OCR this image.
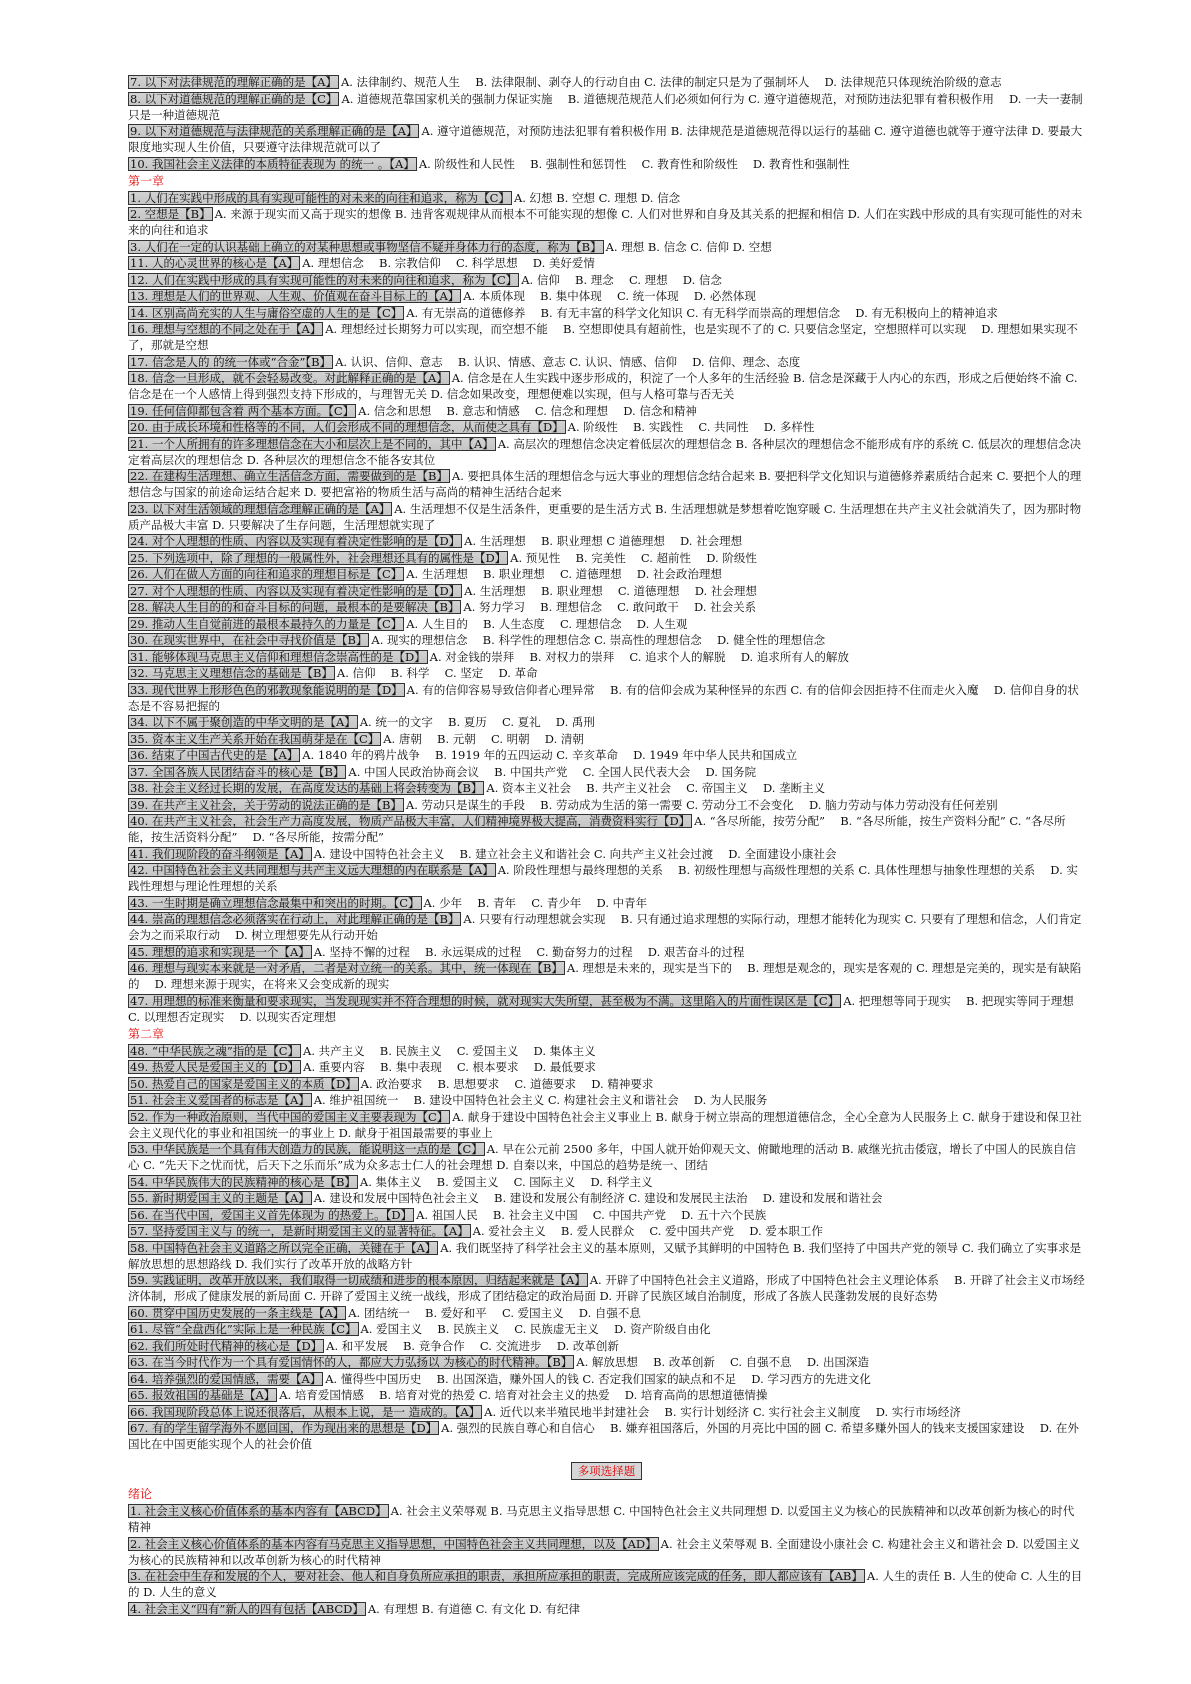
7. 以下对法律规范的理解正确的是【A】 A. 法律制约、规范人生　 B. 法律限制、剥夺人的行动自由 C. 法律的制定只是为了强制坏人　 D. 法律规范只体现统治阶级的意志
8. 以下对道德规范的理解正确的是【C】 A. 道德规范靠国家机关的强制力保证实施　 B. 道德规范规范人们必须如何行为 C. 遵守道德规范，对预防违法犯罪有着积极作用　 D. 一夫一妻制只是一种道德规范
9. 以下对道德规范与法律规范的关系理解正确的是【A】 A. 遵守道德规范，对预防违法犯罪有着积极作用 B. 法律规范是道德规范得以运行的基础 C. 遵守道德也就等于遵守法律 D. 要最大限度地实现人生价值，只要遵守法律规范就可以了
10. 我国社会主义法律的本质特征表现为 的统一 。【A】 A. 阶级性和人民性　 B. 强制性和惩罚性　 C. 教育性和阶级性　 D. 教育性和强制性
第一章
1. 人们在实践中形成的具有实现可能性的对未来的向往和追求，称为【C】 A. 幻想 B. 空想 C. 理想 D. 信念
2. 空想是【B】 A. 来源于现实而又高于现实的想像 B. 违背客观规律从而根本不可能实现的想像 C. 人们对世界和自身及其关系的把握和相信 D. 人们在实践中形成的具有实现可能性的对未来的向往和追求
3. 人们在一定的认识基础上确立的对某种思想或事物坚信不疑并身体力行的态度，称为【B】 A. 理想 B. 信念 C. 信仰 D. 空想
11. 人的心灵世界的核心是【A】 A. 理想信念　 B. 宗教信仰　 C. 科学思想　 D. 美好爱情
12. 人们在实践中形成的具有实现可能性的对未来的向往和追求，称为【C】 A. 信仰　 B. 理念　 C. 理想　 D. 信念
13. 理想是人们的世界观、人生观、价值观在奋斗目标上的【A】 A. 本质体现　 B. 集中体现　 C. 统一体现　 D. 必然体现
14. 区别高尚充实的人生与庸俗空虚的人生的是【C】 A. 有无崇高的道德修养　 B. 有无丰富的科学文化知识 C. 有无科学而崇高的理想信念　 D. 有无积极向上的精神追求
16. 理想与空想的不同之处在于【A】 A. 理想经过长期努力可以实现，而空想不能　 B. 空想即使具有超前性，也是实现不了的 C. 只要信念坚定，空想照样可以实现　 D. 理想如果实现不了，那就是空想
17. 信念是人的 的统一体或“合金”【B】 A. 认识、信仰、意志　 B. 认识、情感、意志 C. 认识、情感、信仰　 D. 信仰、理念、态度
18. 信念一旦形成，就不会轻易改变。对此解释正确的是【A】 A. 信念是在人生实践中逐步形成的，积淀了一个人多年的生活经验 B. 信念是深藏于人内心的东西，形成之后便始终不渝 C. 信念是在一个人感情上得到强烈支持下形成的，与理智无关 D. 信念如果改变，理想便难以实现，但与人格可靠与否无关
19. 任何信仰都包含着 两个基本方面。【C】 A. 信念和思想　 B. 意志和情感　 C. 信念和理想　 D. 信念和精神
20. 由于成长环境和性格等的不同，人们会形成不同的理想信念，从而使之具有【D】 A. 阶级性　 B. 实践性　 C. 共同性　 D. 多样性
21. 一个人所拥有的许多理想信念在大小和层次上是不同的，其中【A】 A. 高层次的理想信念决定着低层次的理想信念 B. 各种层次的理想信念不能形成有序的系统 C. 低层次的理想信念决定着高层次的理想信念 D. 各种层次的理想信念不能各安其位
22. 在建构生活理想、确立生活信念方面，需要做到的是【B】 A. 要把具体生活的理想信念与远大事业的理想信念结合起来 B. 要把科学文化知识与道德修养素质结合起来 C. 要把个人的理想信念与国家的前途命运结合起来 D. 要把富裕的物质生活与高尚的精神生活结合起来
23. 以下对生活领域的理想信念理解正确的是【A】 A. 生活理想不仅是生活条件，更重要的是生活方式 B. 生活理想就是梦想着吃饱穿暖 C. 生活理想在共产主义社会就消失了，因为那时物质产品极大丰富 D. 只要解决了生存问题，生活理想就实现了
24. 对个人理想的性质、内容以及实现有着决定性影响的是【D】 A. 生活理想　 B. 职业理想 C 道德理想　 D. 社会理想
25. 下列选项中，除了理想的一般属性外，社会理想还具有的属性是【D】 A. 预见性　 B. 完美性　 C. 超前性　 D. 阶级性
26. 人们在做人方面的向往和追求的理想目标是【C】 A. 生活理想　 B. 职业理想　 C. 道德理想　 D. 社会政治理想
27. 对个人理想的性质、内容以及实现有着决定性影响的是【D】 A. 生活理想　 B. 职业理想　 C. 道德理想　 D. 社会理想
28. 解决人生目的的和奋斗目标的问题，最根本的是要解决【B】 A. 努力学习　 B. 理想信念　 C. 敢问敢干　 D. 社会关系
29. 推动人生自觉前进的最根本最持久的力量是【C】 A. 人生目的　 B. 人生态度　 C. 理想信念　 D. 人生观
30. 在现实世界中，在社会中寻找价值是【B】 A. 现实的理想信念　 B. 科学性的理想信念 C. 崇高性的理想信念　 D. 健全性的理想信念
31. 能够体现马克思主义信仰和理想信念崇高性的是【D】 A. 对金钱的崇拜　 B. 对权力的崇拜　 C. 追求个人的解脱　 D. 追求所有人的解放
32. 马克思主义理想信念的基础是【B】 A. 信仰　 B. 科学　 C. 坚定　 D. 革命
33. 现代世界上形形色色的邪教现象能说明的是【D】 A. 有的信仰容易导致信仰者心理异常　 B. 有的信仰会成为某种怪异的东西 C. 有的信仰会因拒持不住而走火入魔　 D. 信仰自身的状态是不容易把握的
34. 以下不属于聚创造的中华文明的是【A】 A. 统一的文字　 B. 夏历　 C. 夏礼　 D. 禹刑
35. 资本主义生产关系开始在我国萌芽是在【C】 A. 唐朝　 B. 元朝　 C. 明朝　 D. 清朝
36. 结束了中国古代史的是【A】 A. 1840 年的鸦片战争　 B. 1919 年的五四运动 C. 辛亥革命　 D. 1949 年中华人民共和国成立
37. 全国各族人民团结奋斗的核心是【B】 A. 中国人民政治协商会议　 B. 中国共产党　 C. 全国人民代表大会　 D. 国务院
38. 社会主义经过长期的发展，在高度发达的基础上将会转变为【B】 A. 资本主义社会　 B. 共产主义社会　 C. 帝国主义　 D. 垄断主义
39. 在共产主义社会，关于劳动的说法正确的是【B】 A. 劳动只是谋生的手段　 B. 劳动成为生活的第一需要 C. 劳动分工不会变化　 D. 脑力劳动与体力劳动没有任何差别
40. 在共产主义社会，社会生产力高度发展，物质产品极大丰富，人们精神境界极大提高，消费资料实行【D】 A. “各尽所能，按劳分配”　 B. “各尽所能，按生产资料分配” C. “各尽所能，按生活资料分配”　 D. “各尽所能，按需分配”
41. 我们现阶段的奋斗纲领是【A】 A. 建设中国特色社会主义　 B. 建立社会主义和谐社会 C. 向共产主义社会过渡　 D. 全面建设小康社会
42. 中国特色社会主义共同理想与共产主义远大理想的内在联系是【A】 A. 阶段性理想与最终理想的关系　 B. 初级性理想与高级性理想的关系 C. 具体性理想与抽象性理想的关系　 D. 实践性理想与理论性理想的关系
43. 一生时期是确立理想信念最集中和突出的时期。【C】 A. 少年　 B. 青年　 C. 青少年　 D. 中青年
44. 崇高的理想信念必须落实在行动上，对此理解正确的是【B】 A. 只要有行动理想就会实现　 B. 只有通过追求理想的实际行动，理想才能转化为现实 C. 只要有了理想和信念，人们肯定会为之而采取行动　 D. 树立理想要先从行动开始
45. 理想的追求和实现是一个【A】 A. 坚持不懈的过程　 B. 永远渠成的过程　 C. 勤奋努力的过程　 D. 艰苦奋斗的过程
46. 理想与现实本来就是一对矛盾，二者是对立统一的关系。其中，统一体现在【B】 A. 理想是未来的，现实是当下的　 B. 理想是观念的，现实是客观的 C. 理想是完美的，现实是有缺陷的　 D. 理想来源于现实，在将来又会变成新的现实
47. 用理想的标准来衡量和要求现实，当发现现实并不符合理想的时候，就对现实大失所望，甚至极为不满。这里陷入的片面性误区是【C】 A. 把理想等同于现实　 B. 把现实等同于理想　 C. 以理想否定现实　 D. 以现实否定理想
第二章
48. “中华民族之魂”指的是【C】 A. 共产主义　 B. 民族主义　 C. 爱国主义　 D. 集体主义
49. 热爱人民是爱国主义的【D】 A. 重要内容　 B. 集中表现　 C. 根本要求　 D. 最低要求
50. 热爱自己的国家是爱国主义的本质【D】 A. 政治要求　 B. 思想要求　 C. 道德要求　 D. 精神要求
51. 社会主义爱国者的标志是【A】 A. 维护祖国统一　 B. 建设中国特色社会主义 C. 构建社会主义和谐社会　 D. 为人民服务
52. 作为一种政治原则，当代中国的爱国主义主要表现为【C】 A. 献身于建设中国特色社会主义事业上 B. 献身于树立崇高的理想道德信念，全心全意为人民服务上 C. 献身于建设和保卫社会主义现代化的事业和祖国统一的事业上 D. 献身于祖国最需要的事业上
53. 中华民族是一个具有伟大创造力的民族，能说明这一点的是【C】 A. 早在公元前 2500 多年，中国人就开始仰观天文、俯瞰地理的活动 B. 戚继光抗击倭寇，增长了中国人的民族自信心 C. “先天下之忧而忧，后天下之乐而乐”成为众多志士仁人的社会理想 D. 自秦以来，中国总的趋势是统一、团结
54. 中华民族伟大的民族精神的核心是【B】 A. 集体主义　 B. 爱国主义　 C. 国际主义　 D. 科学主义
55. 新时期爱国主义的主题是【A】 A. 建设和发展中国特色社会主义　 B. 建设和发展公有制经济 C. 建设和发展民主法治　 D. 建设和发展和谐社会
56. 在当代中国，爱国主义首先体现为 的热爱上。【D】 A. 祖国人民　 B. 社会主义中国　 C. 中国共产党　 D. 五十六个民族
57. 坚持爱国主义与 的统一，是新时期爱国主义的显著特征。【A】 A. 爱社会主义　 B. 爱人民群众　 C. 爱中国共产党　 D. 爱本职工作
58. 中国特色社会主义道路之所以完全正确，关键在于【A】 A. 我们既坚持了科学社会主义的基本原则，又赋予其鲜明的中国特色 B. 我们坚持了中国共产党的领导 C. 我们确立了实事求是解放思想的思想路线 D. 我们实行了改革开放的战略方针
59. 实践证明，改革开放以来，我们取得一切成绩和进步的根本原因，归结起来就是【A】 A. 开辟了中国特色社会主义道路，形成了中国特色社会主义理论体系　 B. 开辟了社会主义市场经济体制，形成了健康发展的新局面 C. 开辟了爱国主义统一战线，形成了团结稳定的政治局面 D. 开辟了民族区域自治制度，形成了各族人民蓬勃发展的良好态势
60. 贯穿中国历史发展的一条主线是【A】 A. 团结统一　 B. 爱好和平　 C. 爱国主义　 D. 自强不息
61. 尽管“全盘西化”实际上是一种民族【C】 A. 爱国主义　 B. 民族主义　 C. 民族虚无主义　 D. 资产阶级自由化
62. 我们所处时代精神的核心是【D】 A. 和平发展　 B. 竞争合作　 C. 交流进步　 D. 改革创新
63. 在当今时代作为一个具有爱国情怀的人，都应大力弘扬以 为核心的时代精神。【B】 A. 解放思想　 B. 改革创新　 C. 自强不息　 D. 出国深造
64. 培养强烈的爱国情感，需要【A】 A. 懂得些中国历史　 B. 出国深造，赚外国人的钱 C. 否定我们国家的缺点和不足　 D. 学习西方的先进文化
65. 报效祖国的基础是【A】 A. 培育爱国情感　 B. 培育对党的热爱 C. 培育对社会主义的热爱　 D. 培育高尚的思想道德情操
66. 我国现阶段总体上说还很落后，从根本上说，是一 造成的。【A】 A. 近代以来半殖民地半封建社会　 B. 实行计划经济 C. 实行社会主义制度　 D. 实行市场经济
67. 有的学生留学海外不愿回国，作为现出来的思想是【D】 A. 强烈的民族自尊心和自信心　 B. 嫌弃祖国落后，外国的月亮比中国的圆 C. 希望多赚外国人的钱来支援国家建设　 D. 在外国比在中国更能实现个人的社会价值
多项选择题
绪论
1. 社会主义核心价值体系的基本内容有【ABCD】 A. 社会主义荣辱观 B. 马克思主义指导思想 C. 中国特色社会主义共同理想 D. 以爱国主义为核心的民族精神和以改革创新为核心的时代精神
2. 社会主义核心价值体系的基本内容有马克思主义指导思想，中国特色社会主义共同理想，以及【AD】 A. 社会主义荣辱观 B. 全面建设小康社会 C. 构建社会主义和谐社会 D. 以爱国主义为核心的民族精神和以改革创新为核心的时代精神
3. 在社会中生存和发展的个人，要对社会、他人和自身负所应承担的职责，承担所应承担的职责，完成所应该完成的任务，即人都应该有【AB】 A. 人生的责任 B. 人生的使命 C. 人生的目的 D. 人生的意义
4. 社会主义“四有”新人的四有包括【ABCD】 A. 有理想 B. 有道德 C. 有文化 D. 有纪律
